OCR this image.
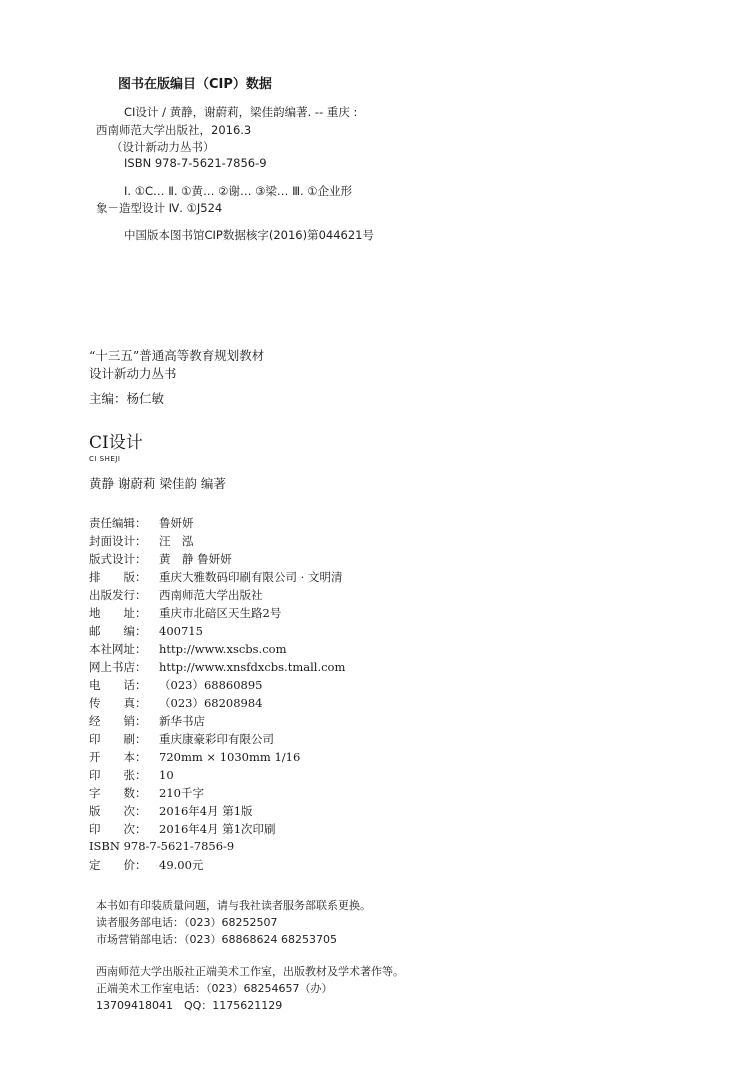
图书在版编目（CIP）数据
CI设计 / 黄静，谢蔚莉，梁佳韵编著. -- 重庆 :
西南师范大学出版社，2016.3
（设计新动力丛书）
ISBN 978-7-5621-7856-9
Ⅰ. ①C… Ⅱ. ①黄… ②谢… ③梁… Ⅲ. ①企业形
象－造型设计 Ⅳ. ①J524
中国版本图书馆CIP数据核字(2016)第044621号
“十三五”普通高等教育规划教材
设计新动力丛书
主编：杨仁敏
CI设计
CI SHEJI
黄静 谢蔚莉 梁佳韵 编著
责任编辑： 鲁妍妍
封面设计： 汪　泓
版式设计： 黄　静 鲁妍妍
排　　版： 重庆大雅数码印刷有限公司 · 文明清
出版发行： 西南师范大学出版社
地　　址： 重庆市北碚区天生路2号
邮　　编： 400715
本社网址： http://www.xscbs.com
网上书店： http://www.xnsfdxcbs.tmall.com
电　　话： （023）68860895
传　　真： （023）68208984
经　　销： 新华书店
印　　刷： 重庆康豪彩印有限公司
开　　本： 720mm × 1030mm 1/16
印　　张： 10
字　　数： 210千字
版　　次： 2016年4月 第1版
印　　次： 2016年4月 第1次印刷
ISBN 978-7-5621-7856-9
定　　价： 49.00元
本书如有印装质量问题，请与我社读者服务部联系更换。
读者服务部电话：（023）68252507
市场营销部电话：（023）68868624 68253705
西南师范大学出版社正端美术工作室，出版教材及学术著作等。
正端美术工作室电话：（023）68254657（办）
13709418041　QQ：1175621129
